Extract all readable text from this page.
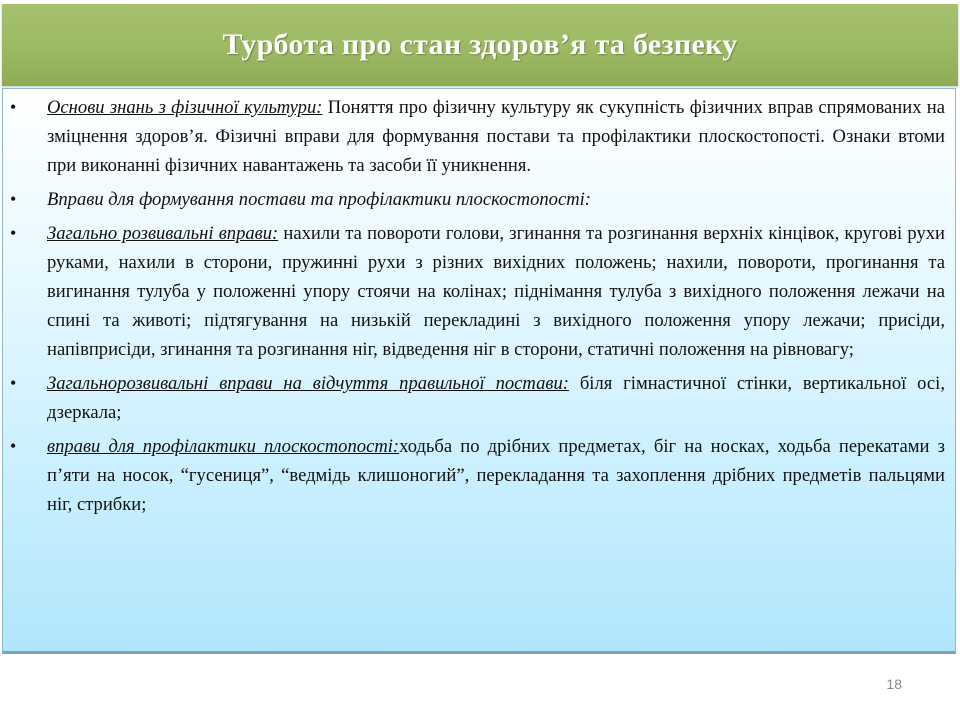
Турбота про стан здоров’я та безпеку
• Основи знань з фізичної культури: Поняття про фізичну культуру як сукупність фізичних вправ спрямованих на зміцнення здоров’я. Фізичні вправи для формування постави та профілактики плоскостопості. Ознаки втоми при виконанні фізичних навантажень та засоби її уникнення.
• Вправи для формування постави та профілактики плоскостопості:
• Загально розвивальні вправи: нахили та повороти голови, згинання та розгинання верхніх кінцівок, кругові рухи руками, нахили в сторони, пружинні рухи з різних вихідних положень; нахили, повороти, прогинання та вигинання тулуба у положенні упору стоячи на колінах; піднімання тулуба з вихідного положення лежачи на спині та животі; підтягування на низькій перекладині з вихідного положення упору лежачи; присіди, напівприсіди, згинання та розгинання ніг, відведення ніг в сторони, статичні положення на рівновагу;
• Загальнорозвивальні вправи на відчуття правильної постави: біля гімнастичної стінки, вертикальної осі, дзеркала;
• вправи для профілактики плоскостопості:ходьба по дрібних предметах, біг на носках, ходьба перекатами з п’яти на носок, “гусениця”, “ведмідь клишоногий”, перекладання та захоплення дрібних предметів пальцями ніг, стрибки;
18
